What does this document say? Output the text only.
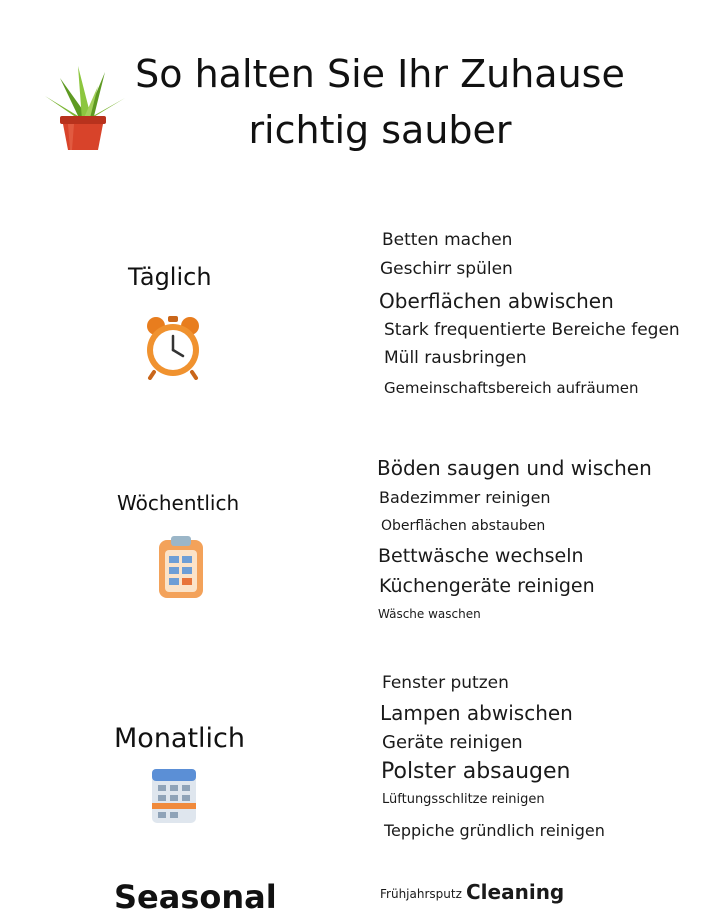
So halten Sie Ihr Zuhause
richtig sauber
Täglich
Betten machen
Geschirr spülen
Oberflächen abwischen
Stark frequentierte Bereiche fegen
Müll rausbringen
Gemeinschaftsbereich aufräumen
Wöchentlich
Böden saugen und wischen
Badezimmer reinigen
Oberflächen abstauben
Bettwäsche wechseln
Küchengeräte reinigen
Wäsche waschen
Monatlich
Fenster putzen
Lampen abwischen
Geräte reinigen
Polster absaugen
Lüftungsschlitze reinigen
Teppiche gründlich reinigen
Seasonal	Frühjahrsputz Cleaning
